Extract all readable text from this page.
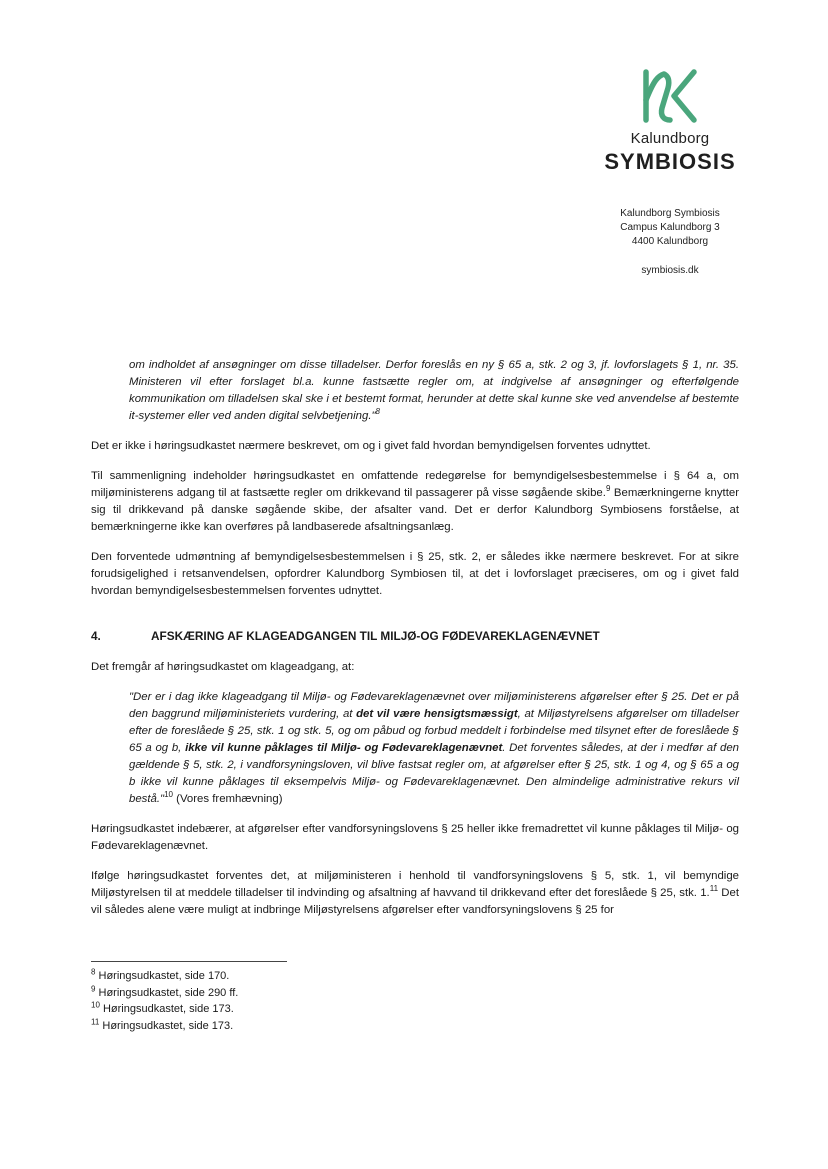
Kalundborg
SYMBIOSIS
Kalundborg Symbiosis
Campus Kalundborg 3
4400 Kalundborg
symbiosis.dk

om indholdet af ansøgninger om disse tilladelser. Derfor foreslås en ny § 65 a, stk. 2 og 3, jf. lovforslagets § 1, nr. 35. Ministeren vil efter forslaget bl.a. kunne fastsætte regler om, at indgivelse af ansøgninger og efterfølgende kommunikation om tilladelsen skal ske i et bestemt format, herunder at dette skal kunne ske ved anvendelse af bestemte it-systemer eller ved anden digital selvbetjening."$^8$

Det er ikke i høringsudkastet nærmere beskrevet, om og i givet fald hvordan bemyndigelsen forventes udnyttet.

Til sammenligning indeholder høringsudkastet en omfattende redegørelse for bemyndigelsesbestemmelse i § 64 a, om miljøministerens adgang til at fastsætte regler om drikkevand til passagerer på visse søgående skibe.$^9$ Bemærkningerne knytter sig til drikkevand på danske søgående skibe, der afsalter vand. Det er derfor Kalundborg Symbiosens forståelse, at bemærkningerne ikke kan overføres på landbaserede afsaltningsanlæg.

Den forventede udmøntning af bemyndigelsesbestemmelsen i § 25, stk. 2, er således ikke nærmere beskrevet. For at sikre forudsigelighed i retsanvendelsen, opfordrer Kalundborg Symbiosen til, at det i lovforslaget præciseres, om og i givet fald hvordan bemyndigelsesbestemmelsen forventes udnyttet.

4.	AFSKÆRING AF KLAGEADGANGEN TIL MILJØ-OG FØDEVAREKLAGENÆVNET

Det fremgår af høringsudkastet om klageadgang, at:

"Der er i dag ikke klageadgang til Miljø- og Fødevareklagenævnet over miljøministerens afgørelser efter § 25. Det er på den baggrund miljøministeriets vurdering, at det vil være hensigtsmæssigt, at Miljøstyrelsens afgørelser om tilladelser efter de foreslåede § 25, stk. 1 og stk. 5, og om påbud og forbud meddelt i forbindelse med tilsynet efter de foreslåede § 65 a og b, ikke vil kunne påklages til Miljø- og Fødevareklagenævnet. Det forventes således, at der i medfør af den gældende § 5, stk. 2, i vandforsyningsloven, vil blive fastsat regler om, at afgørelser efter § 25, stk. 1 og 4, og § 65 a og b ikke vil kunne påklages til eksempelvis Miljø- og Fødevareklagenævnet. Den almindelige administrative rekurs vil bestå."$^{10}$ (Vores fremhævning)

Høringsudkastet indebærer, at afgørelser efter vandforsyningslovens § 25 heller ikke fremadrettet vil kunne påklages til Miljø- og Fødevareklagenævnet.

Ifølge høringsudkastet forventes det, at miljøministeren i henhold til vandforsyningslovens § 5, stk. 1, vil bemyndige Miljøstyrelsen til at meddele tilladelser til indvinding og afsaltning af havvand til drikkevand efter det foreslåede § 25, stk. 1.11 Det vil således alene være muligt at indbringe Miljøstyrelsens afgørelser efter vandforsyningslovens § 25 for

$^8$ Høringsudkastet, side 170.
$^9$ Høringsudkastet, side 290 ff.
$^{10}$ Høringsudkastet, side 173.
$^{11}$ Høringsudkastet, side 173.
